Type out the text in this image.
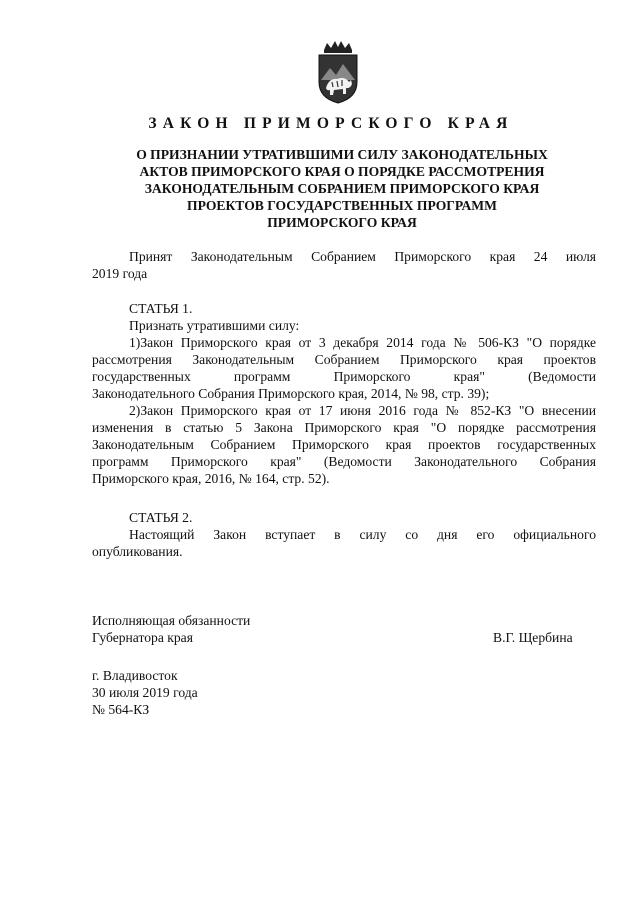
ЗАКОН ПРИМОРСКОГО КРАЯ
О ПРИЗНАНИИ УТРАТИВШИМИ СИЛУ ЗАКОНОДАТЕЛЬНЫХ
АКТОВ ПРИМОРСКОГО КРАЯ О ПОРЯДКЕ РАССМОТРЕНИЯ
ЗАКОНОДАТЕЛЬНЫМ СОБРАНИЕМ ПРИМОРСКОГО КРАЯ
ПРОЕКТОВ ГОСУДАРСТВЕННЫХ ПРОГРАММ
ПРИМОРСКОГО КРАЯ
Принят Законодательным Собранием Приморского края 24 июля
2019 года
СТАТЬЯ 1.
Признать утратившими силу:
1)Закон Приморского края от 3 декабря 2014 года № 506-КЗ "О порядке
рассмотрения Законодательным Собранием Приморского края проектов
государственных программ Приморского края" (Ведомости
Законодательного Собрания Приморского края, 2014, № 98, стр. 39);
2)Закон Приморского края от 17 июня 2016 года № 852-КЗ "О внесении
изменения в статью 5 Закона Приморского края "О порядке рассмотрения
Законодательным Собранием Приморского края проектов государственных
программ Приморского края" (Ведомости Законодательного Собрания
Приморского края, 2016, № 164, стр. 52).
СТАТЬЯ 2.
Настоящий Закон вступает в силу со дня его официального
опубликования.
Исполняющая обязанности
Губернатора края	В.Г. Щербина
г. Владивосток
30 июля 2019 года
№ 564-КЗ
